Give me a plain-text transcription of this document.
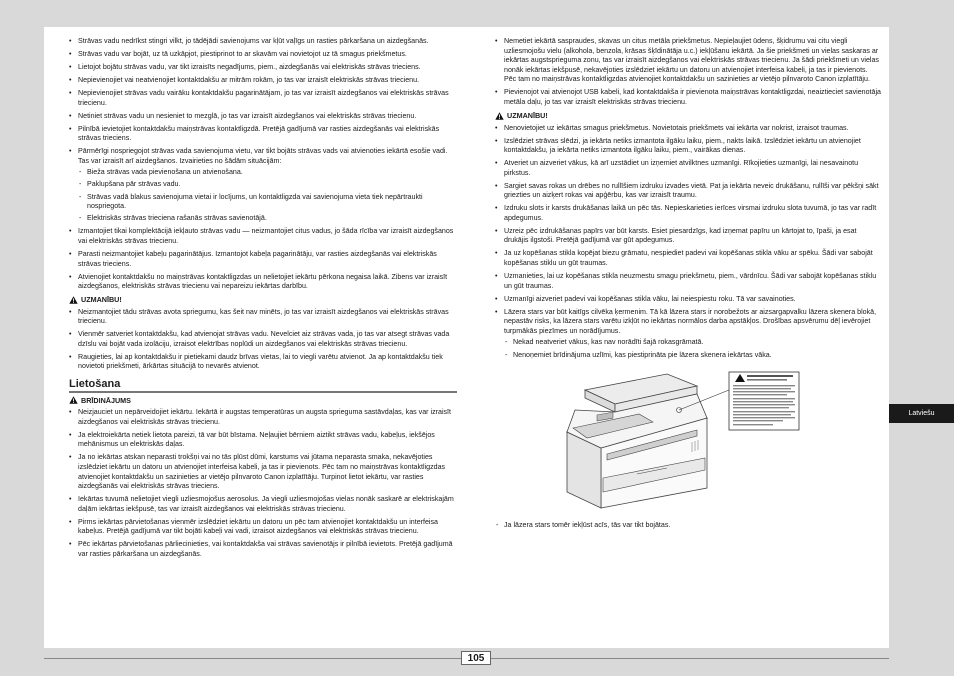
• Strāvas vadu nedrīkst stingri vilkt, jo tādējādi savienojums var kļūt vaļīgs un rasties pārkaršana un aizdegšanās.
• Strāvas vadu var bojāt, uz tā uzkāpjot, piestiprinot to ar skavām vai novietojot uz tā smagus priekšmetus.
• Lietojot bojātu strāvas vadu, var tikt izraisīts negadījums, piem., aizdegšanās vai elektriskās strāvas trieciens.
• Nepievienojiet vai neatvienojiet kontaktdakšu ar mitrām rokām, jo tas var izraisīt elektriskās strāvas triecienu.
• Nepievienojiet strāvas vadu vairāku kontaktdakšu pagarinātājam, jo tas var izraisīt aizdegšanos vai elektriskās strāvas triecienu.
• Netiniet strāvas vadu un nesieniet to mezglā, jo tas var izraisīt aizdegšanos vai elektriskās strāvas triecienu.
• Pilnībā ievietojiet kontaktdakšu maiņstrāvas kontaktligzdā. Pretējā gadījumā var rasties aizdegšanās vai elektriskās strāvas trieciens.
• Pārmērīgi nospriegojot strāvas vada savienojuma vietu, var tikt bojāts strāvas vads vai atvienoties iekārtā esošie vadi. Tas var izraisīt arī aizdegšanos. Izvairieties no šādām situācijām:
- Bieža strāvas vada pievienošana un atvienošana.
- Paklupšana pār strāvas vadu.
- Strāvas vadā blakus savienojuma vietai ir locījums, un kontaktligzda vai savienojuma vieta tiek nepārtraukti nospriegota.
- Elektriskās strāvas trieciena rašanās strāvas savienotājā.
• Izmantojiet tikai komplektācijā iekļauto strāvas vadu — neizmantojiet citus vadus, jo šāda rīcība var izraisīt aizdegšanos vai elektriskās strāvas triecienu.
• Parasti neizmantojiet kabeļu pagarinātājus. Izmantojot kabeļa pagarinātāju, var rasties aizdegšanās vai elektriskās strāvas trieciens.
• Atvienojiet kontaktdakšu no maiņstrāvas kontaktligzdas un nelietojiet iekārtu pērkona negaisa laikā. Zibens var izraisīt aizdegšanos, elektriskās strāvas triecienu vai nepareizu iekārtas darbību.
UZMANĪBU!
• Neizmantojiet tādu strāvas avota spriegumu, kas šeit nav minēts, jo tas var izraisīt aizdegšanos vai elektriskās strāvas triecienu.
• Vienmēr satveriet kontaktdakšu, kad atvienojat strāvas vadu. Nevelciet aiz strāvas vada, jo tas var atsegt strāvas vada dzīslu vai bojāt vada izolāciju, izraisot elektrības noplūdi un aizdegšanos vai elektriskās strāvas triecienu.
• Raugieties, lai ap kontaktdakšu ir pietiekami daudz brīvas vietas, lai to viegli varētu atvienot. Ja ap kontaktdakšu tiek novietoti priekšmeti, ārkārtas situācijā to nevarēs atvienot.
Lietošana
BRĪDINĀJUMS
• Neizjauciet un nepārveidojiet iekārtu. Iekārtā ir augstas temperatūras un augsta sprieguma sastāvdaļas, kas var izraisīt aizdegšanos vai elektriskās strāvas triecienu.
• Ja elektroiekārta netiek lietota pareizi, tā var būt bīstama. Neļaujiet bērniem aiztikt strāvas vadu, kabeļus, iekšējos mehānismus un elektriskās daļas.
• Ja no iekārtas atskan neparasti trokšņi vai no tās plūst dūmi, karstums vai jūtama neparasta smaka, nekavējoties izslēdziet iekārtu un datoru un atvienojiet interfeisa kabeli, ja tas ir pievienots. Pēc tam no maiņstrāvas kontaktligzdas atvienojiet kontaktdakšu un sazinieties ar vietējo pilnvaroto Canon izplatītāju. Turpinot lietot iekārtu, var rasties aizdegšanās vai elektriskās strāvas trieciens.
• Iekārtas tuvumā nelietojiet viegli uzliesmojošus aerosolus. Ja viegli uzliesmojošas vielas nonāk saskarē ar elektriskajām daļām iekārtas iekšpusē, tas var izraisīt aizdegšanos vai elektriskās strāvas triecienu.
• Pirms iekārtas pārvietošanas vienmēr izslēdziet iekārtu un datoru un pēc tam atvienojiet kontaktdakšu un interfeisa kabeļus. Pretējā gadījumā var tikt bojāti kabeļi vai vadi, izraisot aizdegšanos vai elektriskās strāvas triecienu.
• Pēc iekārtas pārvietošanas pārliecinieties, vai kontaktdakša vai strāvas savienotājs ir pilnībā ievietots. Pretējā gadījumā var rasties pārkaršana un aizdegšanās.
• Nemetiet iekārtā saspraudes, skavas un citus metāla priekšmetus. Nepieļaujiet ūdens, šķidrumu vai citu viegli uzliesmojošu vielu (alkohola, benzola, krāsas šķīdinātāja u.c.) iekļūšanu iekārtā. Ja šie priekšmeti un vielas saskaras ar iekārtas augstsprieguma zonu, tas var izraisīt aizdegšanos vai elektriskās strāvas triecienu. Ja šādi priekšmeti un vielas nonāk iekārtas iekšpusē, nekavējoties izslēdziet iekārtu un datoru un atvienojiet interfeisa kabeli, ja tas ir pievienots. Pēc tam no maiņstrāvas kontaktligzdas atvienojiet kontaktdakšu un sazinieties ar vietējo pilnvaroto Canon izplatītāju.
• Pievienojot vai atvienojot USB kabeli, kad kontaktdakša ir pievienota maiņstrāvas kontaktligzdai, neaiztieciet savienotāja metāla daļu, jo tas var izraisīt elektriskās strāvas triecienu.
UZMANĪBU!
• Nenovietojiet uz iekārtas smagus priekšmetus. Novietotais priekšmets vai iekārta var nokrist, izraisot traumas.
• Izslēdziet strāvas slēdzi, ja iekārta netiks izmantota ilgāku laiku, piem., nakts laikā. Izslēdziet iekārtu un atvienojiet kontaktdakšu, ja iekārta netiks izmantota ilgāku laiku, piem., vairākas dienas.
• Atveriet un aizveriet vākus, kā arī uzstādiet un izņemiet atvilktnes uzmanīgi. Rīkojieties uzmanīgi, lai nesavainotu pirkstus.
• Sargiet savas rokas un drēbes no rullīšiem izdruku izvades vietā. Pat ja iekārta neveic drukāšanu, rullīši var pēkšņi sākt griezties un aizķert rokas vai apģērbu, kas var izraisīt traumu.
• Izdruku slots ir karsts drukāšanas laikā un pēc tās. Nepieskarieties ierīces virsmai izdruku slota tuvumā, jo tas var radīt apdegumus.
• Uzreiz pēc izdrukāšanas papīrs var būt karsts. Esiet piesardzīgs, kad izņemat papīru un kārtojat to, īpaši, ja esat drukājis ilgstoši. Pretējā gadījumā var gūt apdegumus.
• Ja uz kopēšanas stikla kopējat biezu grāmatu, nespiediet padevi vai kopēšanas stikla vāku ar spēku. Šādi var sabojāt kopēšanas stiklu un gūt traumas.
• Uzmanieties, lai uz kopēšanas stikla neuzmestu smagu priekšmetu, piem., vārdnīcu. Šādi var sabojāt kopēšanas stiklu un gūt traumas.
• Uzmanīgi aizveriet padevi vai kopēšanas stikla vāku, lai neiespiestu roku. Tā var savainoties.
• Lāzera stars var būt kaitīgs cilvēka ķermenim. Tā kā lāzera stars ir norobežots ar aizsargapvalku lāzera skenera blokā, nepastāv risks, ka lāzera stars varētu izkļūt no iekārtas normālos darba apstākļos. Drošības apsvērumu dēļ ievērojiet turpmākās piezīmes un norādījumus.
- Nekad neatveriet vākus, kas nav norādīti šajā rokasgrāmatā.
- Nenoņemiet brīdinājuma uzlīmi, kas piestiprināta pie lāzera skenera iekārtas vāka.
- Ja lāzera stars tomēr iekļūst acīs, tās var tikt bojātas.
Latviešu
105
